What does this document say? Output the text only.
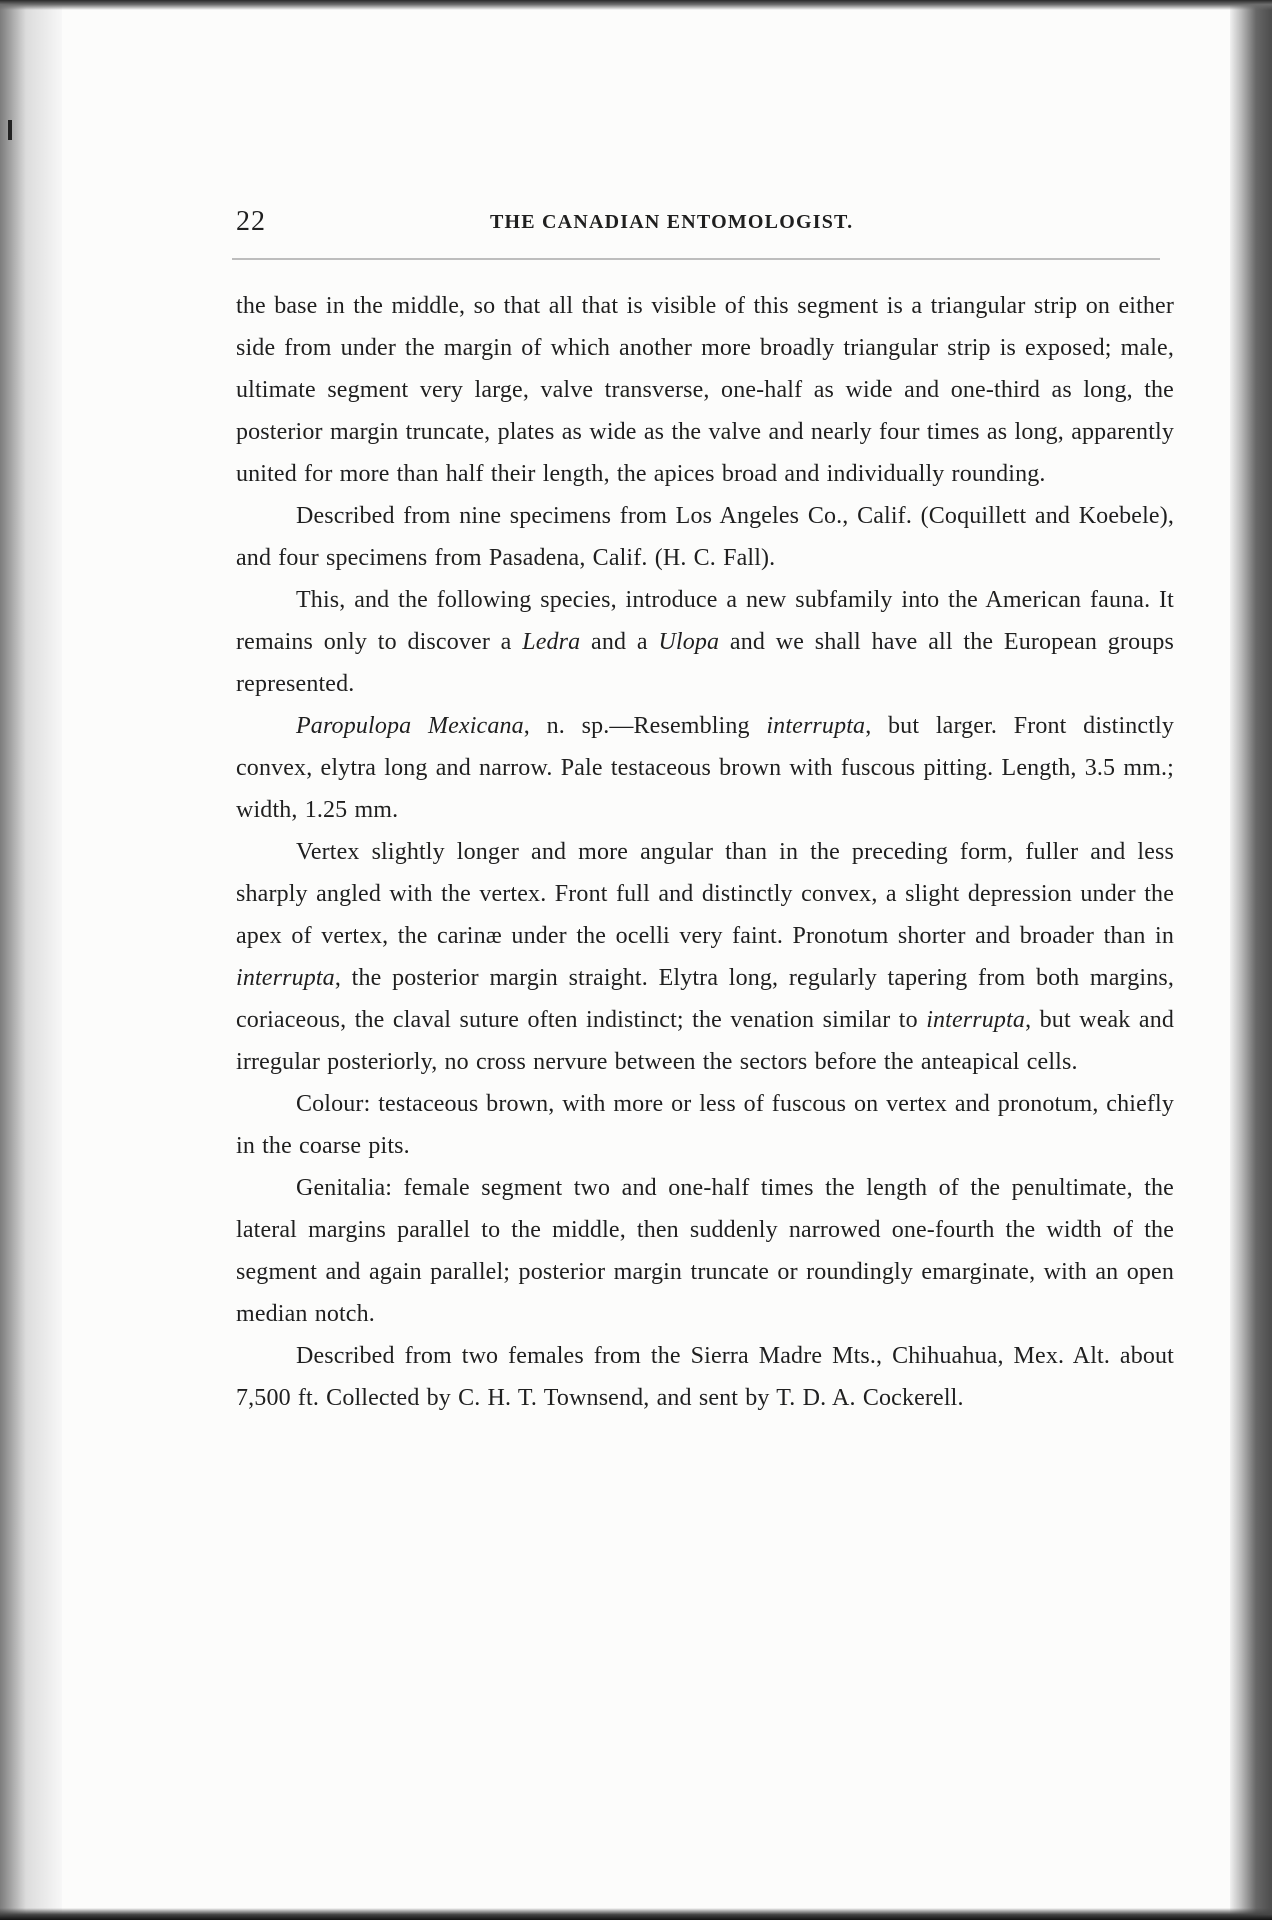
22	THE CANADIAN ENTOMOLOGIST.

the base in the middle, so that all that is visible of this segment is a triangular strip on either side from under the margin of which another more broadly triangular strip is exposed; male, ultimate segment very large, valve transverse, one-half as wide and one-third as long, the posterior margin truncate, plates as wide as the valve and nearly four times as long, apparently united for more than half their length, the apices broad and individually rounding.

Described from nine specimens from Los Angeles Co., Calif. (Coquillett and Koebele), and four specimens from Pasadena, Calif. (H. C. Fall).

This, and the following species, introduce a new subfamily into the American fauna. It remains only to discover a Ledra and a Ulopa and we shall have all the European groups represented.

Paropulopa Mexicana, n. sp.—Resembling interrupta, but larger. Front distinctly convex, elytra long and narrow. Pale testaceous brown with fuscous pitting. Length, 3.5 mm.; width, 1.25 mm.

Vertex slightly longer and more angular than in the preceding form, fuller and less sharply angled with the vertex. Front full and distinctly convex, a slight depression under the apex of vertex, the carinæ under the ocelli very faint. Pronotum shorter and broader than in interrupta, the posterior margin straight. Elytra long, regularly tapering from both margins, coriaceous, the claval suture often indistinct; the venation similar to interrupta, but weak and irregular posteriorly, no cross nervure between the sectors before the anteapical cells.

Colour: testaceous brown, with more or less of fuscous on vertex and pronotum, chiefly in the coarse pits.

Genitalia: female segment two and one-half times the length of the penultimate, the lateral margins parallel to the middle, then suddenly narrowed one-fourth the width of the segment and again parallel; posterior margin truncate or roundingly emarginate, with an open median notch.

Described from two females from the Sierra Madre Mts., Chihuahua, Mex. Alt. about 7,500 ft. Collected by C. H. T. Townsend, and sent by T. D. A. Cockerell.
